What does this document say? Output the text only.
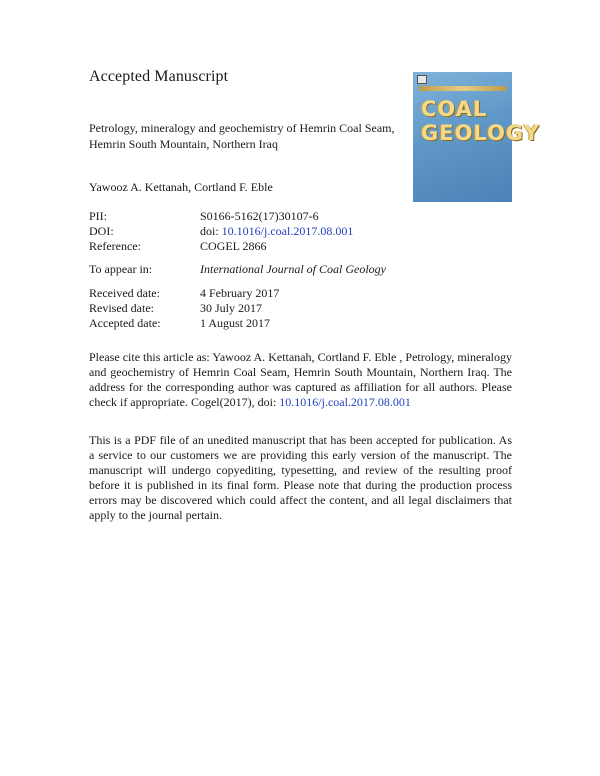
Accepted Manuscript
Petrology, mineralogy and geochemistry of Hemrin Coal Seam,
Hemrin South Mountain, Northern Iraq
Yawooz A. Kettanah, Cortland F. Eble
COAL
GEOLOGY
PII:	S0166-5162(17)30107-6
DOI:	doi: 10.1016/j.coal.2017.08.001
Reference:	COGEL 2866
To appear in:	International Journal of Coal Geology
Received date:	4 February 2017
Revised date:	30 July 2017
Accepted date:	1 August 2017
Please cite this article as: Yawooz A. Kettanah, Cortland F. Eble , Petrology, mineralogy and geochemistry of Hemrin Coal Seam, Hemrin South Mountain, Northern Iraq. The address for the corresponding author was captured as affiliation for all authors. Please check if appropriate. Cogel(2017), doi: 10.1016/j.coal.2017.08.001
This is a PDF file of an unedited manuscript that has been accepted for publication. As a service to our customers we are providing this early version of the manuscript. The manuscript will undergo copyediting, typesetting, and review of the resulting proof before it is published in its final form. Please note that during the production process errors may be discovered which could affect the content, and all legal disclaimers that apply to the journal pertain.
